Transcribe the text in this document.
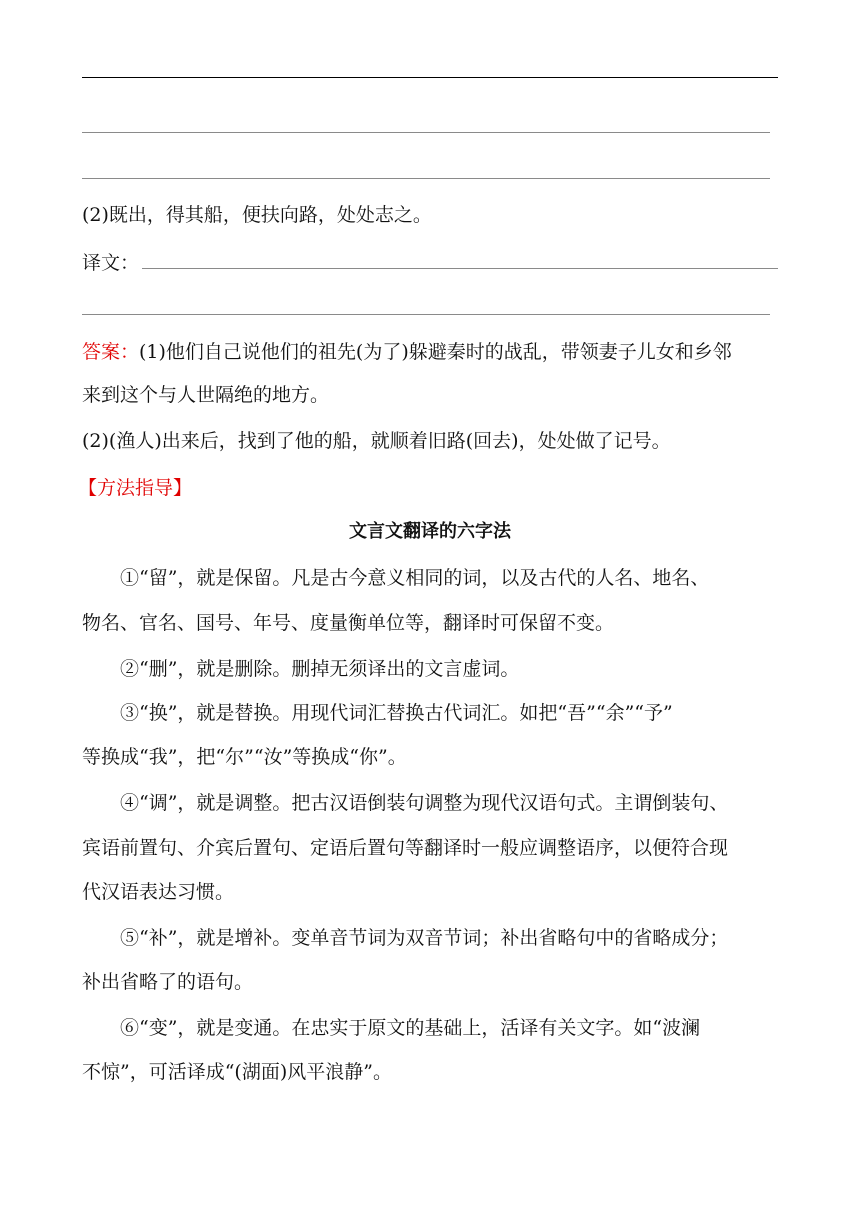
(2)既出，得其船，便扶向路，处处志之。
译文：
答案：(1)他们自己说他们的祖先(为了)躲避秦时的战乱，带领妻子儿女和乡邻
来到这个与人世隔绝的地方。
(2)(渔人)出来后，找到了他的船，就顺着旧路(回去)，处处做了记号。
【方法指导】
文言文翻译的六字法
①“留”，就是保留。凡是古今意义相同的词，以及古代的人名、地名、
物名、官名、国号、年号、度量衡单位等，翻译时可保留不变。
②“删”，就是删除。删掉无须译出的文言虚词。
③“换”，就是替换。用现代词汇替换古代词汇。如把“吾”“余”“予”
等换成“我”，把“尔”“汝”等换成“你”。
④“调”，就是调整。把古汉语倒装句调整为现代汉语句式。主谓倒装句、
宾语前置句、介宾后置句、定语后置句等翻译时一般应调整语序，以便符合现
代汉语表达习惯。
⑤“补”，就是增补。变单音节词为双音节词；补出省略句中的省略成分；
补出省略了的语句。
⑥“变”，就是变通。在忠实于原文的基础上，活译有关文字。如“波澜
不惊”，可活译成“(湖面)风平浪静”。
